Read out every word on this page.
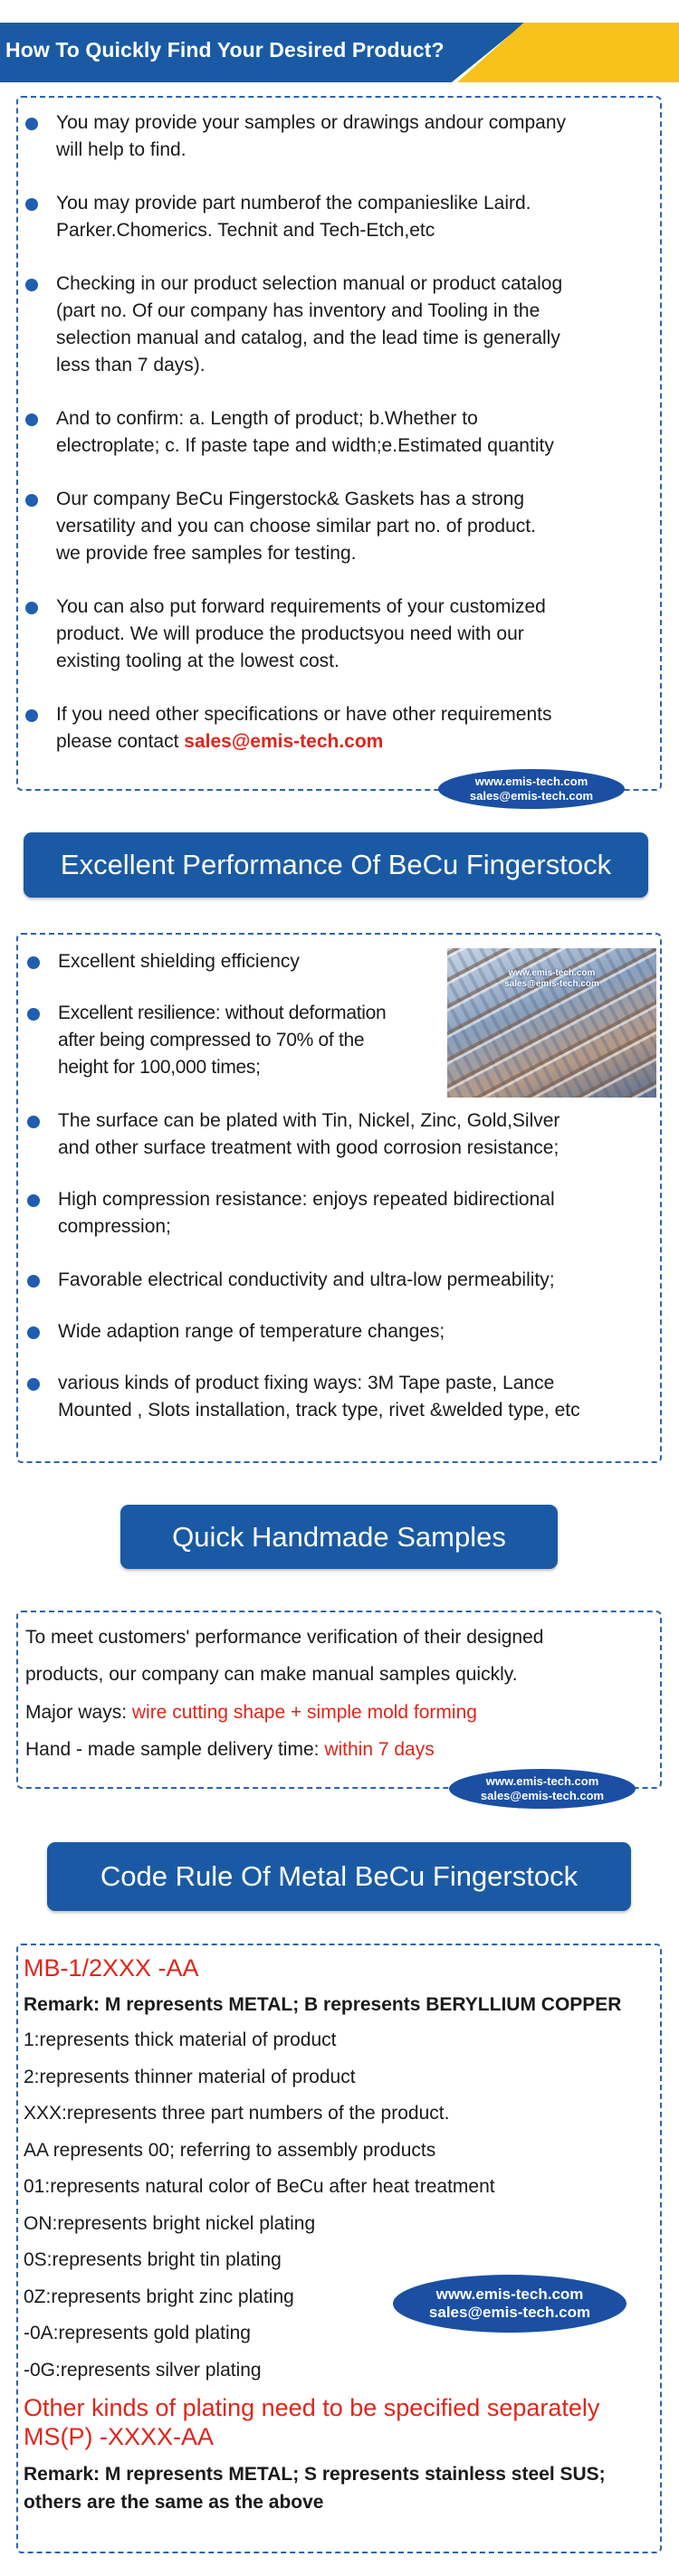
How To Quickly Find Your Desired Product?
You may provide your samples or drawings andour company
will help to find.
You may provide part numberof the companieslike Laird.
Parker.Chomerics. Technit and Tech-Etch,etc
Checking in our product selection manual or product catalog
(part no. Of our company has inventory and Tooling in the
selection manual and catalog, and the lead time is generally
less than 7 days).
And to confirm: a. Length of product; b.Whether to
electroplate; c. If paste tape and width;e.Estimated quantity
Our company BeCu Fingerstock& Gaskets has a strong
versatility and you can choose similar part no. of product.
we provide free samples for testing.
You can also put forward requirements of your customized
product. We will produce the productsyou need with our
existing tooling at the lowest cost.
If you need other specifications or have other requirements
please contact sales@emis-tech.com
www.emis-tech.com
sales@emis-tech.com
Excellent Performance Of BeCu Fingerstock
Excellent shielding efficiency
Excellent resilience: without deformation
after being compressed to 70% of the
height for 100,000 times;
The surface can be plated with Tin, Nickel, Zinc, Gold,Silver
and other surface treatment with good corrosion resistance;
High compression resistance: enjoys repeated bidirectional
compression;
Favorable electrical conductivity and ultra-low permeability;
Wide adaption range of temperature changes;
various kinds of product fixing ways: 3M Tape paste, Lance
Mounted , Slots installation, track type, rivet &welded type, etc
www.emis-tech.com
sales@emis-tech.com
Quick Handmade Samples
To meet customers' performance verification of their designed
products, our company can make manual samples quickly.
Major ways: wire cutting shape + simple mold forming
Hand - made sample delivery time: within 7 days
www.emis-tech.com
sales@emis-tech.com
Code Rule Of Metal BeCu Fingerstock
MB-1/2XXX -AA
Remark: M represents METAL; B represents BERYLLIUM COPPER
1:represents thick material of product
2:represents thinner material of product
XXX:represents three part numbers of the product.
AA represents 00; referring to assembly products
01:represents natural color of BeCu after heat treatment
ON:represents bright nickel plating
0S:represents bright tin plating
0Z:represents bright zinc plating
-0A:represents gold plating
-0G:represents silver plating
www.emis-tech.com
sales@emis-tech.com
Other kinds of plating need to be specified separately
MS(P) -XXXX-AA
Remark: M represents METAL; S represents stainless steel SUS;
others are the same as the above
